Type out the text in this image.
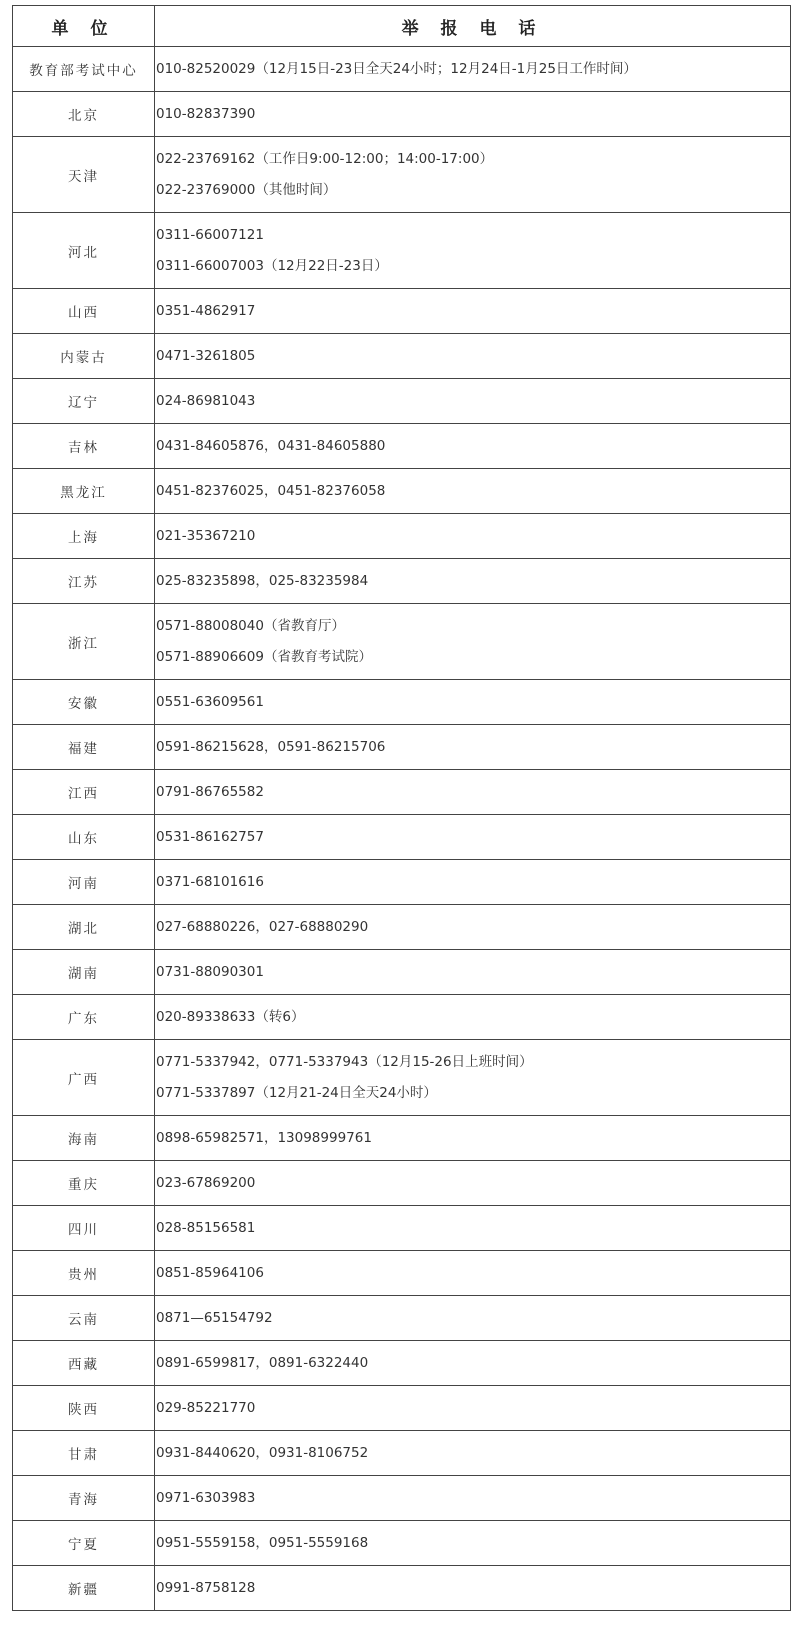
单 位	举 报 电 话
教育部考试中心	010-82520029（12月15日-23日全天24小时；12月24日-1月25日工作时间）

北京	010-82837390

天津	022-23769162（工作日9:00-12:00；14:00-17:00）
022-23769000（其他时间）

河北	0311-66007121
0311-66007003（12月22日-23日）

山西	0351-4862917

内蒙古	0471-3261805

辽宁	024-86981043

吉林	0431-84605876，0431-84605880

黑龙江	0451-82376025，0451-82376058

上海	021-35367210

江苏	025-83235898，025-83235984

浙江	0571-88008040（省教育厅）
0571-88906609（省教育考试院）

安徽	0551-63609561

福建	0591-86215628，0591-86215706

江西	0791-86765582

山东	0531-86162757

河南	0371-68101616

湖北	027-68880226，027-68880290

湖南	0731-88090301

广东	020-89338633（转6）

广西	0771-5337942，0771-5337943（12月15-26日上班时间）
0771-5337897（12月21-24日全天24小时）

海南	0898-65982571，13098999761

重庆	023-67869200

四川	028-85156581

贵州	0851-85964106

云南	0871—65154792

西藏	0891-6599817，0891-6322440

陕西	029-85221770

甘肃	0931-8440620，0931-8106752

青海	0971-6303983

宁夏	0951-5559158，0951-5559168

新疆	0991-8758128
